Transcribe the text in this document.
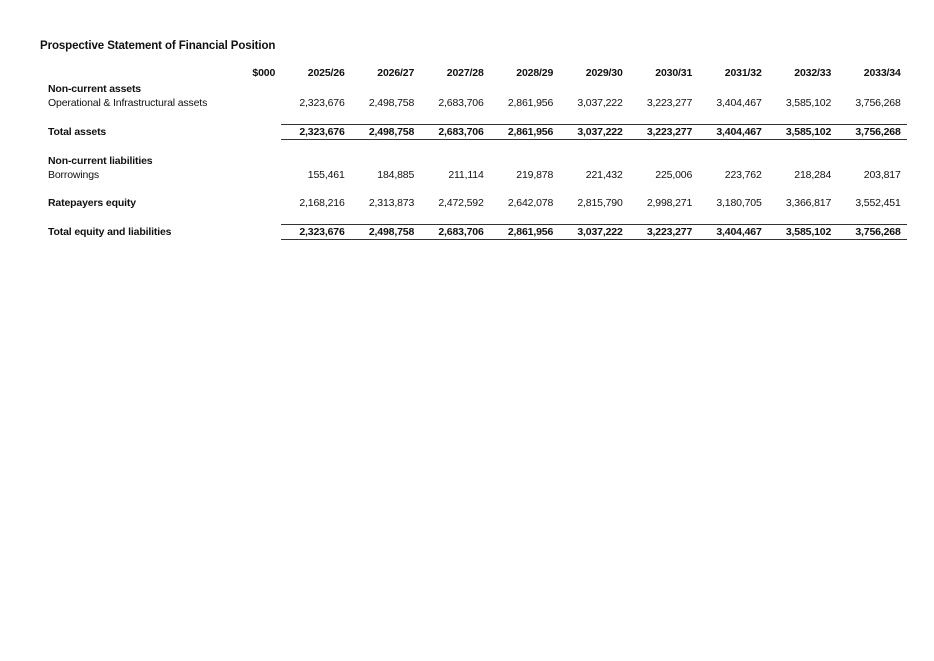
Prospective Statement of Financial Position
	$000	2025/26	2026/27	2027/28	2028/29	2029/30	2030/31	2031/32	2032/33	2033/34
Non-current assets										
Operational & Infrastructural assets		2,323,676	2,498,758	2,683,706	2,861,956	3,037,222	3,223,277	3,404,467	3,585,102	3,756,268

Total assets		2,323,676	2,498,758	2,683,706	2,861,956	3,037,222	3,223,277	3,404,467	3,585,102	3,756,268

Non-current liabilities										
Borrowings		155,461	184,885	211,114	219,878	221,432	225,006	223,762	218,284	203,817

Ratepayers equity		2,168,216	2,313,873	2,472,592	2,642,078	2,815,790	2,998,271	3,180,705	3,366,817	3,552,451

Total equity and liabilities		2,323,676	2,498,758	2,683,706	2,861,956	3,037,222	3,223,277	3,404,467	3,585,102	3,756,268
